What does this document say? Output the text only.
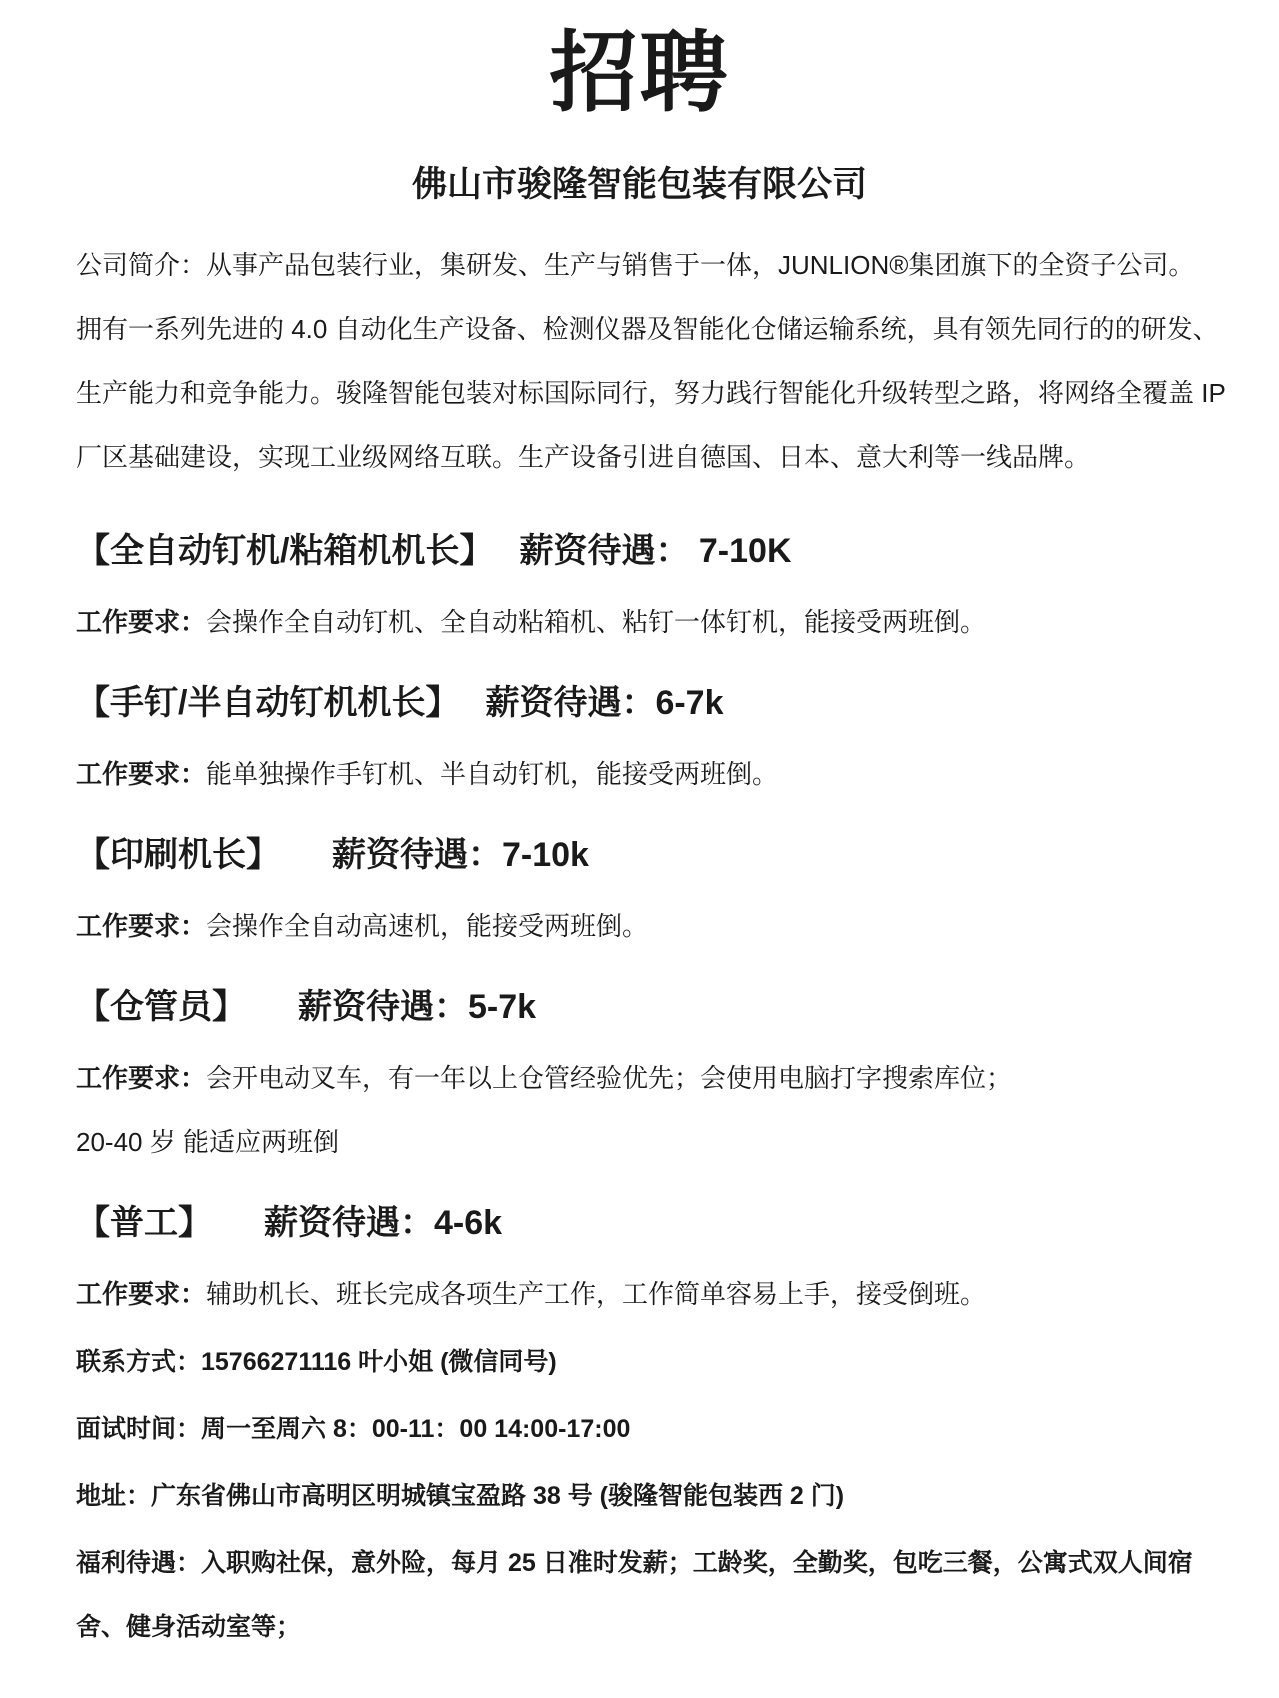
招聘
佛山市骏隆智能包装有限公司
公司简介：从事产品包装行业，集研发、生产与销售于一体，JUNLION®集团旗下的全资子公司。
拥有一系列先进的 4.0 自动化生产设备、检测仪器及智能化仓储运输系统，具有领先同行的的研发、
生产能力和竞争能力。骏隆智能包装对标国际同行，努力践行智能化升级转型之路，将网络全覆盖 IP
厂区基础建设，实现工业级网络互联。生产设备引进自德国、日本、意大利等一线品牌。
【全自动钉机/粘箱机机长】 薪资待遇： 7-10K
工作要求：会操作全自动钉机、全自动粘箱机、粘钉一体钉机，能接受两班倒。
【手钉/半自动钉机机长】 薪资待遇：6-7k
工作要求：能单独操作手钉机、半自动钉机，能接受两班倒。
【印刷机长】 薪资待遇：7-10k
工作要求：会操作全自动高速机，能接受两班倒。
【仓管员】 薪资待遇：5-7k
工作要求：会开电动叉车，有一年以上仓管经验优先；会使用电脑打字搜索库位；
20-40 岁 能适应两班倒
【普工】 薪资待遇：4-6k
工作要求：辅助机长、班长完成各项生产工作，工作简单容易上手，接受倒班。
联系方式：15766271116 叶小姐 (微信同号)
面试时间：周一至周六 8：00-11：00 14:00-17:00
地址：广东省佛山市高明区明城镇宝盈路 38 号 (骏隆智能包装西 2 门)
福利待遇：入职购社保，意外险，每月 25 日准时发薪；工龄奖，全勤奖，包吃三餐，公寓式双人间宿舍、健身活动室等；
